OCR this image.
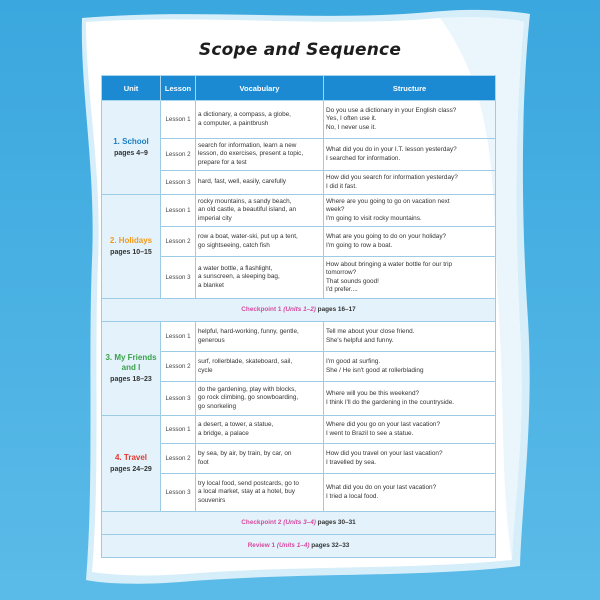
Scope and Sequence
Unit	Lesson	Vocabulary	Structure

1. School
pages 4–9	Lesson 1	a dictionary, a compass, a globe,
a computer, a paintbrush	Do you use a dictionary in your English class?
Yes, I often use it.
No, I never use it.

	Lesson 2	search for information, learn a new
lesson, do exercises, present a topic,
prepare for a test	What did you do in your I.T. lesson yesterday?
I searched for information.

	Lesson 3	hard, fast, well, easily, carefully	How did you search for information yesterday?
I did it fast.

2. Holidays
pages 10–15	Lesson 1	rocky mountains, a sandy beach,
an old castle, a beautiful island, an
imperial city	Where are you going to go on vacation next
week?
I'm going to visit rocky mountains.

	Lesson 2	row a boat, water-ski, put up a tent,
go sightseeing, catch fish	What are you going to do on your holiday?
I'm going to row a boat.

	Lesson 3	a water bottle, a flashlight,
a sunscreen, a sleeping bag,
a blanket	How about bringing a water bottle for our trip
tomorrow?
That sounds good!
I'd prefer....

Checkpoint 1 (Units 1–2) pages 16–17			

3. My Friends and I
pages 18–23	Lesson 1	helpful, hard-working, funny, gentle,
generous	Tell me about your close friend.
She's helpful and funny.

	Lesson 2	surf, rollerblade, skateboard, sail,
cycle	I'm good at surfing.
She / He isn't good at rollerblading

	Lesson 3	do the gardening, play with blocks,
go rock climbing, go snowboarding,
go snorkeling	Where will you be this weekend?
I think I'll do the gardening in the countryside.

4. Travel
pages 24–29	Lesson 1	a desert, a tower, a statue,
a bridge, a palace	Where did you go on your last vacation?
I went to Brazil to see a statue.

	Lesson 2	by sea, by air, by train, by car, on
foot	How did you travel on your last vacation?
I travelled by sea.

	Lesson 3	try local food, send postcards, go to
a local market, stay at a hotel, buy
souvenirs	What did you do on your last vacation?
I tried a local food.

Checkpoint 2 (Units 3–4) pages 30–31			
Review 1 (Units 1–4) pages 32–33			
